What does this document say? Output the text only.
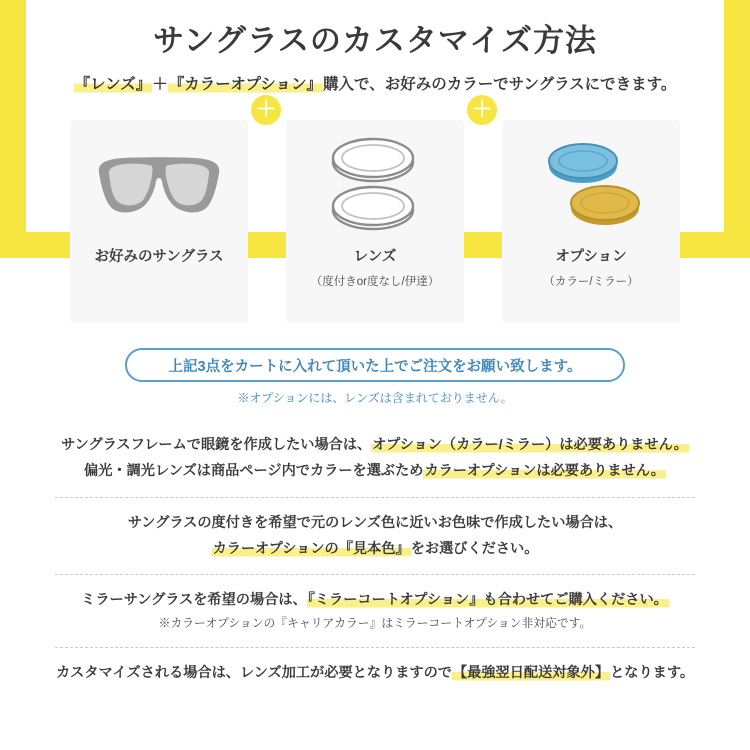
サングラスのカスタマイズ方法
『レンズ』＋『カラーオプション』購入で、お好みのカラーでサングラスにできます。
お好みのサングラス	レンズ
（度付きor度なし/伊達）
オプション
（カラー/ミラー）
＋	＋
上記3点をカートに入れて頂いた上でご注文をお願い致します。
※オプションには、レンズは含まれておりません。
サングラスフレームで眼鏡を作成したい場合は、オプション（カラー/ミラー）は必要ありません。
偏光・調光レンズは商品ページ内でカラーを選ぶためカラーオプションは必要ありません。
サングラスの度付きを希望で元のレンズ色に近いお色味で作成したい場合は、
カラーオプションの『見本色』をお選びください。
ミラーサングラスを希望の場合は、『ミラーコートオプション』も合わせてご購入ください。
※カラーオプションの『キャリアカラー』はミラーコートオプション非対応です。
カスタマイズされる場合は、レンズ加工が必要となりますので【最強翌日配送対象外】となります。
